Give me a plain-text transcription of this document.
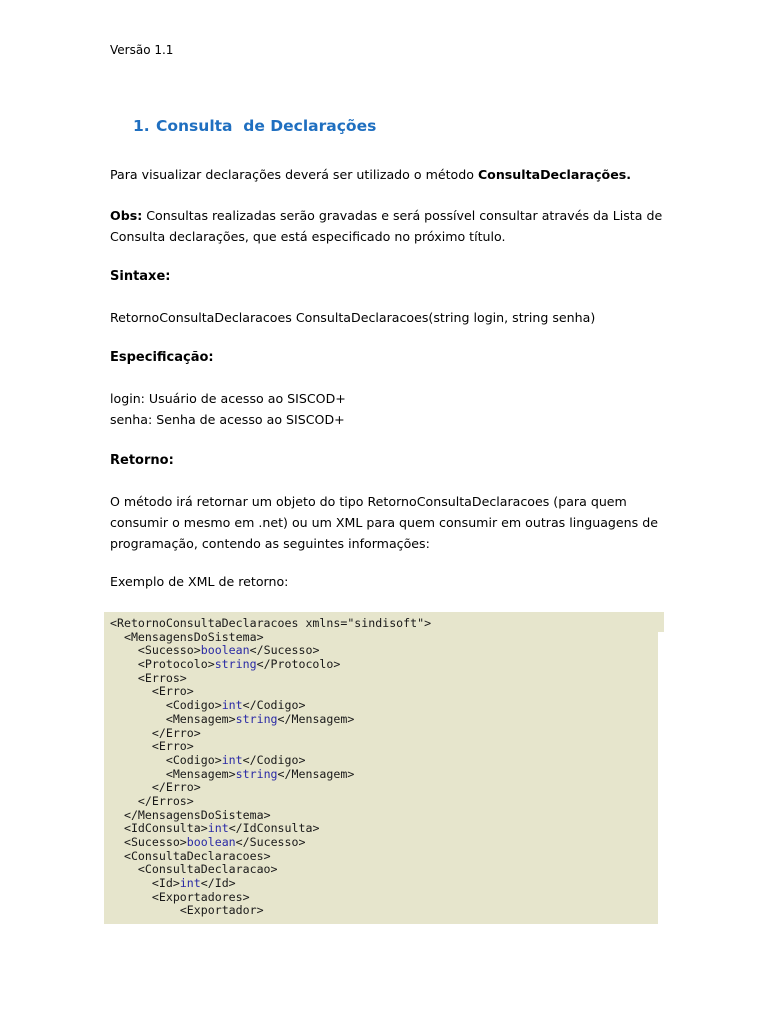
Versão 1.1
1. Consulta  de Declarações
Para visualizar declarações deverá ser utilizado o método ConsultaDeclarações.
Obs: Consultas realizadas serão gravadas e será possível consultar através da Lista de
Consulta declarações, que está especificado no próximo título.
Sintaxe:
RetornoConsultaDeclaracoes ConsultaDeclaracoes(string login, string senha)
Especificação:
login: Usuário de acesso ao SISCOD+
senha: Senha de acesso ao SISCOD+
Retorno:
O método irá retornar um objeto do tipo RetornoConsultaDeclaracoes (para quem
consumir o mesmo em .net) ou um XML para quem consumir em outras linguagens de
programação, contendo as seguintes informações:
Exemplo de XML de retorno:
<RetornoConsultaDeclaracoes xmlns="sindisoft">
<MensagensDoSistema>
<Sucesso>boolean</Sucesso>
<Protocolo>string</Protocolo>
<Erros>
<Erro>
<Codigo>int</Codigo>
<Mensagem>string</Mensagem>
</Erro>
<Erro>
<Codigo>int</Codigo>
<Mensagem>string</Mensagem>
</Erro>
</Erros>
</MensagensDoSistema>
<IdConsulta>int</IdConsulta>
<Sucesso>boolean</Sucesso>
<ConsultaDeclaracoes>
<ConsultaDeclaracao>
<Id>int</Id>
<Exportadores>
<Exportador>
